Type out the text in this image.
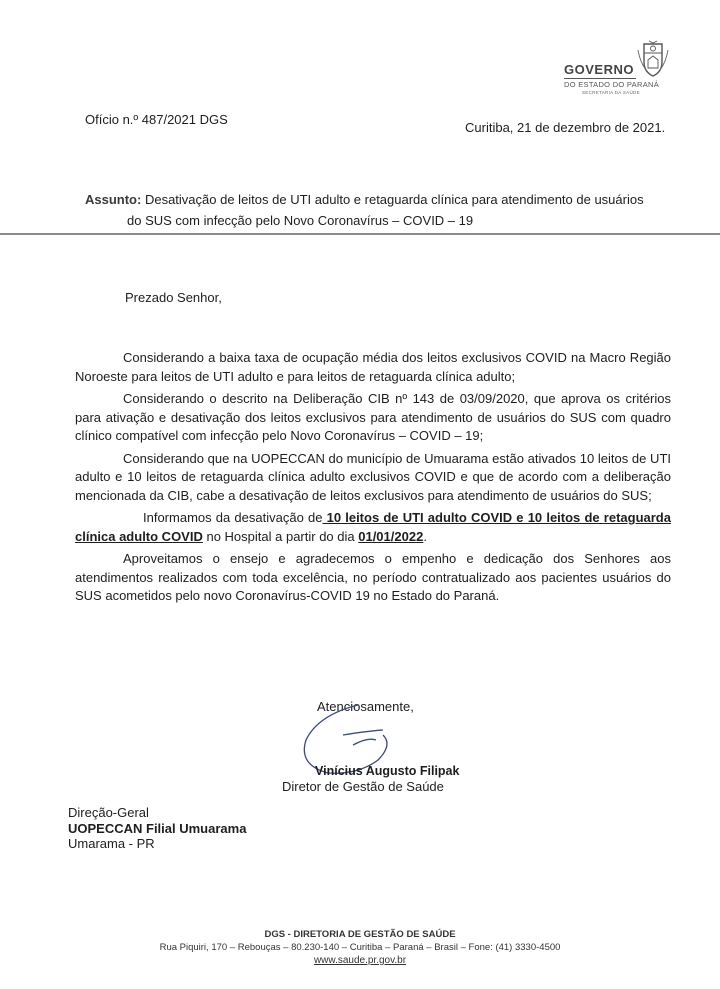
GOVERNO
DO ESTADO DO PARANÁ
SECRETARIA DA SAÚDE
Ofício n.º 487/2021 DGS
Curitiba, 21 de dezembro de 2021.
Assunto: Desativação de leitos de UTI adulto e retaguarda clínica para atendimento de usuários
do SUS com infecção pelo Novo Coronavírus – COVID – 19
Prezado Senhor,

Considerando a baixa taxa de ocupação média dos leitos exclusivos COVID na Macro Região Noroeste para leitos de UTI adulto e para leitos de retaguarda clínica adulto;

Considerando o descrito na Deliberação CIB nº 143 de 03/09/2020, que aprova os critérios para ativação e desativação dos leitos exclusivos para atendimento de usuários do SUS com quadro clínico compatível com infecção pelo Novo Coronavírus – COVID – 19;

Considerando que na UOPECCAN do município de Umuarama estão ativados 10 leitos de UTI adulto e 10 leitos de retaguarda clínica adulto exclusivos COVID e que de acordo com a deliberação mencionada da CIB, cabe a desativação de leitos exclusivos para atendimento de usuários do SUS;

Informamos da desativação de 10 leitos de UTI adulto COVID e 10 leitos de retaguarda clínica adulto COVID no Hospital a partir do dia 01/01/2022.

Aproveitamos o ensejo e agradecemos o empenho e dedicação dos Senhores aos atendimentos realizados com toda excelência, no período contratualizado aos pacientes usuários do SUS acometidos pelo novo Coronavírus-COVID 19 no Estado do Paraná.

Atenciosamente,
Vinícius Augusto Filipak
Diretor de Gestão de Saúde
Direção-Geral
UOPECCAN Filial Umuarama
Umarama - PR
DGS - DIRETORIA DE GESTÃO DE SAÚDE
Rua Piquiri, 170 – Rebouças – 80.230-140 – Curitiba – Paraná – Brasil – Fone: (41) 3330-4500
www.saude.pr.gov.br
